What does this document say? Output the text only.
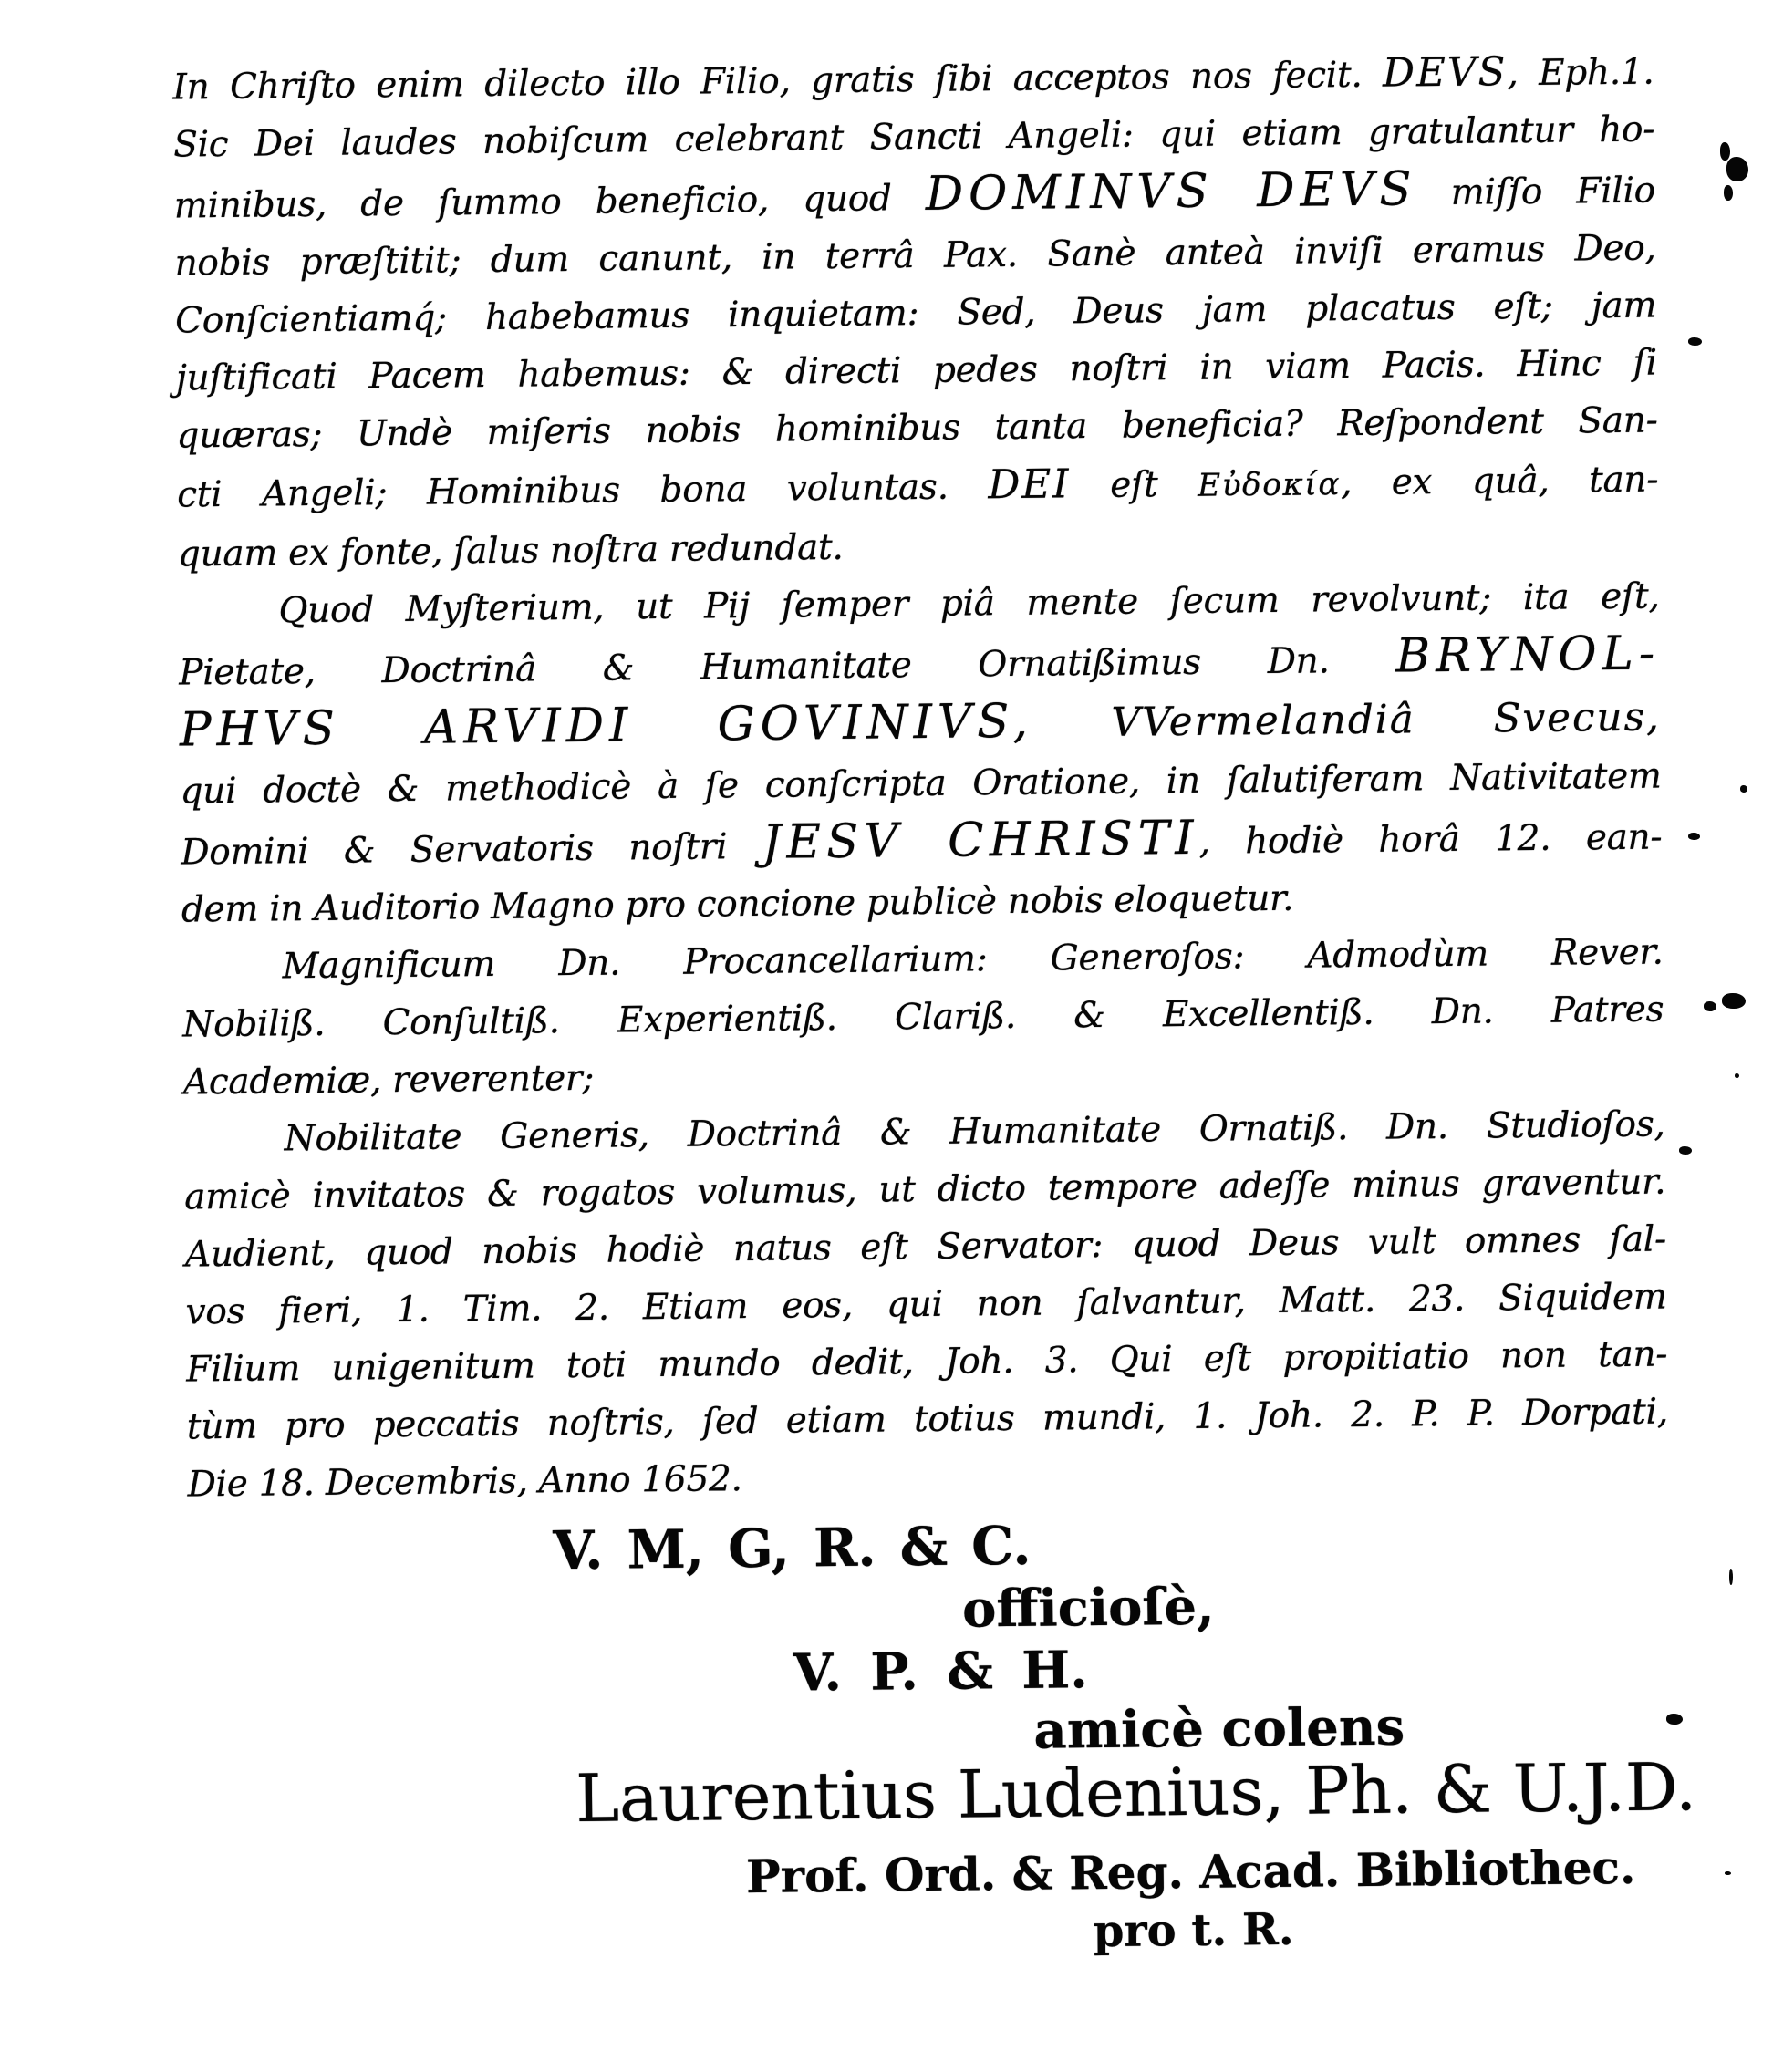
In Chriſto enim dilecto illo Filio, gratis ſibi acceptos nos fecit. DEVS, Eph.1.
Sic Dei laudes nobiſcum celebrant Sancti Angeli: qui etiam gratulantur ho-
minibus, de ſummo beneficio, quod DOMINVS DEVS miſſo Filio
nobis præſtitit; dum canunt, in terrâ Pax. Sanè anteà inviſi eramus Deo,
Conſcientiamq́; habebamus inquietam: Sed, Deus jam placatus eſt; jam
juſtificati Pacem habemus: & directi pedes noſtri in viam Pacis. Hinc ſi
quæras; Undè miſeris nobis hominibus tanta beneficia? Reſpondent San-
cti Angeli; Hominibus bona voluntas. DEI eſt Εὐδοκία, ex quâ, tan-
quam ex fonte, ſalus noſtra redundat.
Quod Myſterium, ut Pij ſemper piâ mente ſecum revolvunt; ita eſt,
Pietate, Doctrinâ & Humanitate Ornatißimus Dn. BRYNOL-
PHVS ARVIDI GOVINIVS, VVermelandiâ Svecus,
qui doctè & methodicè à ſe conſcripta Oratione, in ſalutiferam Nativitatem
Domini & Servatoris noſtri JESV CHRISTI, hodiè horâ 12. ean-
dem in Auditorio Magno pro concione publicè nobis eloquetur.
Magnificum Dn. Procancellarium: Generoſos: Admodùm Rever.
Nobiliß. Conſultiß. Experientiß. Clariß. & Excellentiß. Dn. Patres
Academiæ, reverenter;
Nobilitate Generis, Doctrinâ & Humanitate Ornatiß. Dn. Studioſos,
amicè invitatos & rogatos volumus, ut dicto tempore adeſſe minus graventur.
Audient, quod nobis hodiè natus eſt Servator: quod Deus vult omnes ſal-
vos fieri, 1. Tim. 2. Etiam eos, qui non ſalvantur, Matt. 23. Siquidem
Filium unigenitum toti mundo dedit, Joh. 3. Qui eſt propitiatio non tan-
tùm pro peccatis noſtris, ſed etiam totius mundi, 1. Joh. 2. P. P. Dorpati,
Die 18. Decembris, Anno 1652.
V. M, G, R. & C.
officioſè,
V. P. & H.
amicè colens
Laurentius Ludenius, Ph. & U.J.D.
Prof. Ord. & Reg. Acad. Bibliothec.
pro t. R.
